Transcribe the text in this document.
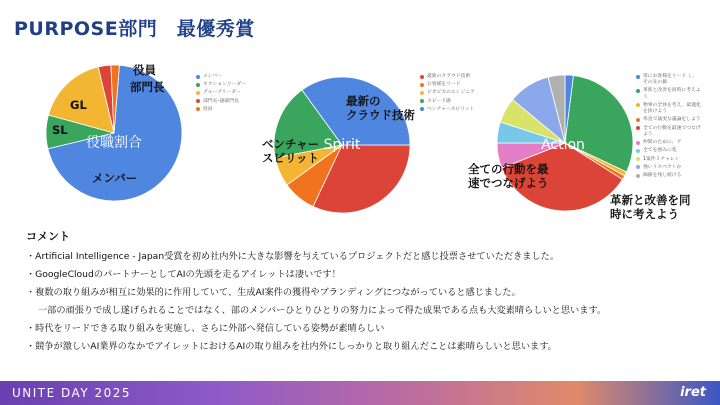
PURPOSE部門　最優秀賞
役職割合
メンバー
セクションリーダー
グループリーダー
部門長･副部門長
役員
役員
部門長
GL
SL
メンバー
Spirit
最新のクラウド技術
お客様をリード
ピカピカのエンジニア
スピード感
ベンチャースピリット
最新の
クラウド技術
ベンチャー
スピリット
Action
常にお客様をリード し、その先の価
革新と改善を同時に考えよう
物事の全体を考え、最適化を抜けよう
率直で誠実な議論をしよう
全ての行動を最速でつなげよう
仲間のために、ア
全てを強みに変
1案件１チャレン
強いリスペクトか
価値を残し続ける
全ての行動を最
速でつなげよう
革新と改善を同
時に考えよう
コメント
・Artificial Intelligence - Japan受賞を初め社内外に大きな影響を与えているプロジェクトだと感じ投票させていただきました。
・GoogleCloudのパートナーとしてAIの先頭を走るアイレットは凄いです！
・複数の取り組みが相互に効果的に作用していて、生成AI案件の獲得やブランディングにつながっていると感じました。
一部の頑張りで成し遂げられることではなく、部のメンバーひとりひとりの努力によって得た成果である点も大変素晴らしいと思います。
・時代をリードできる取り組みを実施し、さらに外部へ発信している姿勢が素晴らしい
・競争が激しいAI業界のなかでアイレットにおけるAIの取り組みを社内外にしっかりと取り組んだことは素晴らしいと思います。
UNITE DAY 2025	iret
